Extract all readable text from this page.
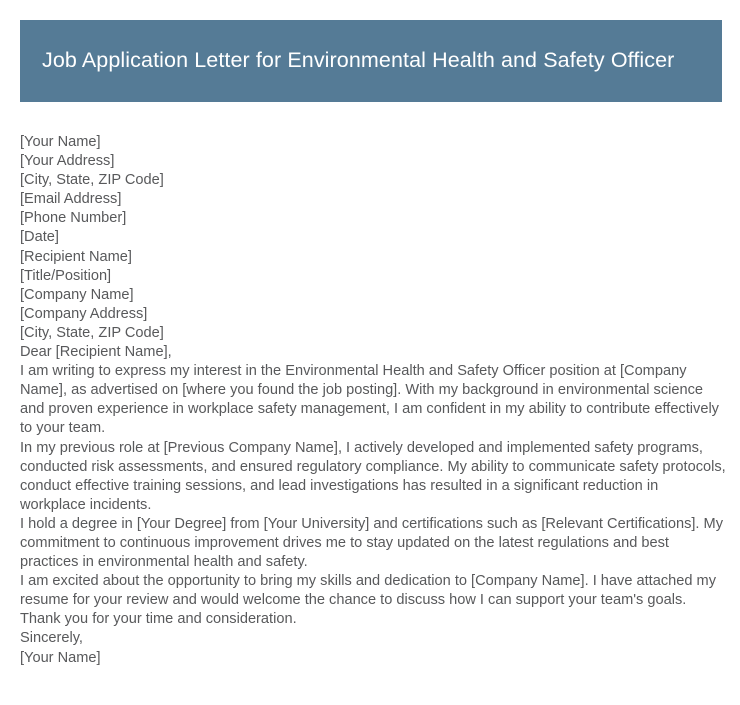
Job Application Letter for Environmental Health and Safety Officer
[Your Name]
[Your Address]
[City, State, ZIP Code]
[Email Address]
[Phone Number]
[Date]
[Recipient Name]
[Title/Position]
[Company Name]
[Company Address]
[City, State, ZIP Code]
Dear [Recipient Name],
I am writing to express my interest in the Environmental Health and Safety Officer position at [Company Name], as advertised on [where you found the job posting]. With my background in environmental science and proven experience in workplace safety management, I am confident in my ability to contribute effectively to your team.
In my previous role at [Previous Company Name], I actively developed and implemented safety programs, conducted risk assessments, and ensured regulatory compliance. My ability to communicate safety protocols, conduct effective training sessions, and lead investigations has resulted in a significant reduction in workplace incidents.
I hold a degree in [Your Degree] from [Your University] and certifications such as [Relevant Certifications]. My commitment to continuous improvement drives me to stay updated on the latest regulations and best practices in environmental health and safety.
I am excited about the opportunity to bring my skills and dedication to [Company Name]. I have attached my resume for your review and would welcome the chance to discuss how I can support your team's goals.
Thank you for your time and consideration.
Sincerely,
[Your Name]
